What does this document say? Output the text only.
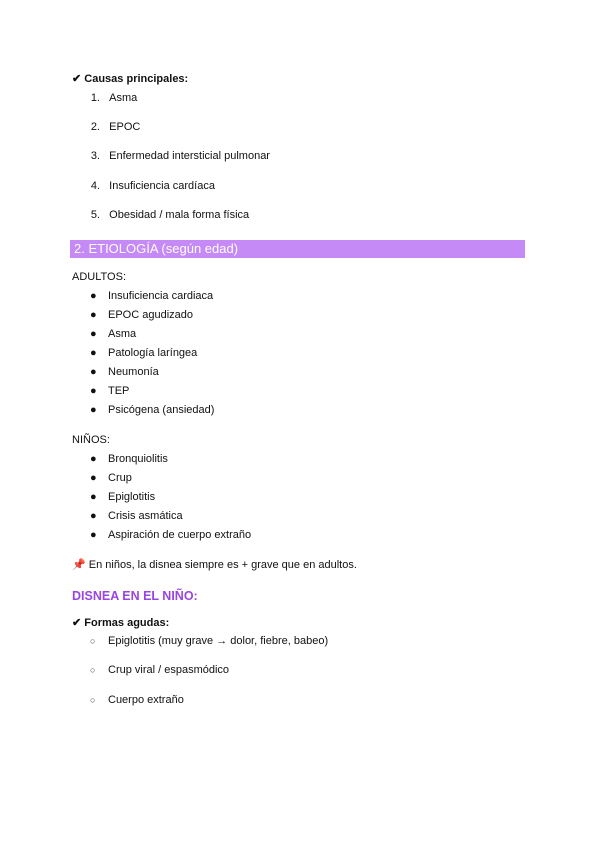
✔ Causas principales:
1. Asma
2. EPOC
3. Enfermedad intersticial pulmonar
4. Insuficiencia cardíaca
5. Obesidad / mala forma física
2. ETIOLOGÍA (según edad)
ADULTOS:
● Insuficiencia cardiaca
● EPOC agudizado
● Asma
● Patología laríngea
● Neumonía
● TEP
● Psicógena (ansiedad)
NIÑOS:
● Bronquiolitis
● Crup
● Epiglotitis
● Crisis asmática
● Aspiración de cuerpo extraño
📌 En niños, la disnea siempre es + grave que en adultos.
DISNEA EN EL NIÑO:
✔ Formas agudas:
○ Epiglotitis (muy grave → dolor, fiebre, babeo)
○ Crup viral / espasmódico
○ Cuerpo extraño
